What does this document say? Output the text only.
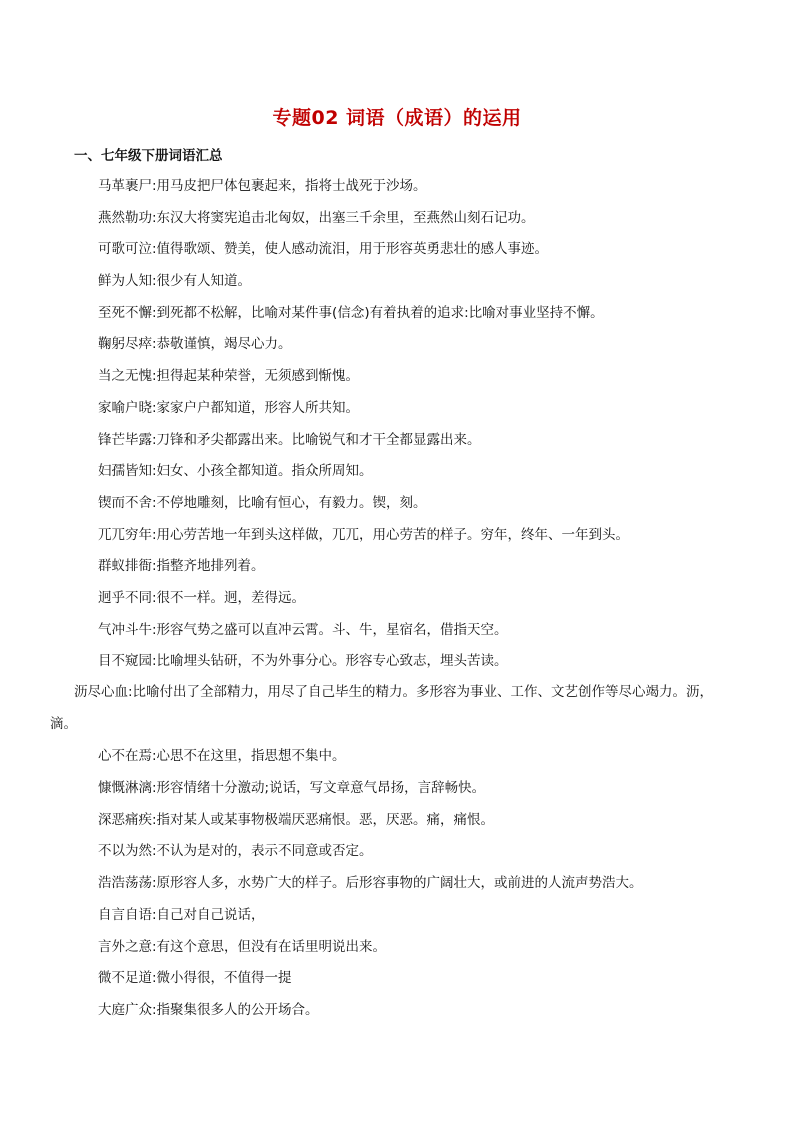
专题02 词语（成语）的运用
一、七年级下册词语汇总
马革裹尸:用马皮把尸体包裹起来，指将士战死于沙场。
燕然勒功:东汉大将窦宪追击北匈奴，出塞三千余里，至燕然山刻石记功。
可歌可泣:值得歌颂、赞美，使人感动流泪，用于形容英勇悲壮的感人事迹。
鲜为人知:很少有人知道。
至死不懈:到死都不松解，比喻对某件事(信念)有着执着的追求:比喻对事业坚持不懈。
鞠躬尽瘁:恭敬谨慎，竭尽心力。
当之无愧:担得起某种荣誉，无须感到惭愧。
家喻户晓:家家户户都知道，形容人所共知。
锋芒毕露:刀锋和矛尖都露出来。比喻锐气和才干全都显露出来。
妇孺皆知:妇女、小孩全都知道。指众所周知。
锲而不舍:不停地雕刻，比喻有恒心，有毅力。锲，刻。
兀兀穷年:用心劳苦地一年到头这样做，兀兀，用心劳苦的样子。穷年，终年、一年到头。
群蚁排衙:指整齐地排列着。
迥乎不同:很不一样。迥，差得远。
气冲斗牛:形容气势之盛可以直冲云霄。斗、牛，星宿名，借指天空。
目不窥园:比喻埋头钻研，不为外事分心。形容专心致志，埋头苦读。
沥尽心血:比喻付出了全部精力，用尽了自己毕生的精力。多形容为事业、工作、文艺创作等尽心竭力。沥，滴。
心不在焉:心思不在这里，指思想不集中。
慷慨淋漓:形容情绪十分激动;说话，写文章意气昂扬，言辞畅快。
深恶痛疾:指对某人或某事物极端厌恶痛恨。恶，厌恶。痛，痛恨。
不以为然:不认为是对的，表示不同意或否定。
浩浩荡荡:原形容人多，水势广大的样子。后形容事物的广阔壮大，或前进的人流声势浩大。
自言自语:自己对自己说话，
言外之意:有这个意思，但没有在话里明说出来。
微不足道:微小得很，不值得一提
大庭广众:指聚集很多人的公开场合。
